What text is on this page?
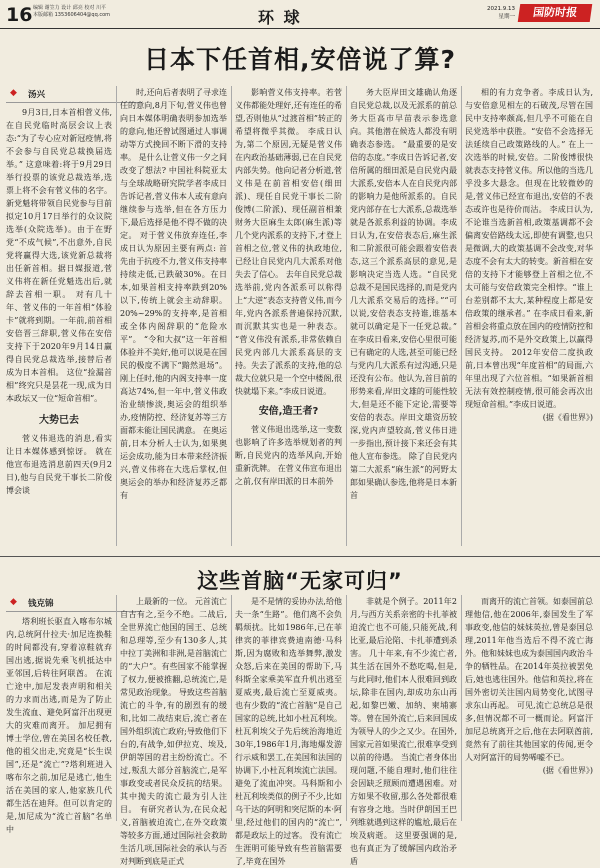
16 编辑 谢笠力 设计 邱亮 校对 川平
本版邮箱 1353606404@qq.com	环 球	2021.9.13
星期一	国防时报
日本下任首相,安倍说了算?
◆ 汤兴

9月3日,日本首相菅义伟,在自民党临时高层会议上表态:“为了专心应对新冠疫情,将不会参与自民党总裁换届选举。” 这意味着:将于9月29日举行投票的该党总裁选举,选票上将不会有菅义伟的名字。新党魁将带领自民党参与目前拟定10月17日举行的众议院选举(众院选举)。由于在野党“不成气候”,不出意外,自民党将赢得大选,该党新总裁将出任新首相。据日媒报道,菅义伟将在新任党魁选出后,就辞去首相一职。 对有几十年、菅义伟的一年首相“体验卡”就将到期。一年前,前首相安倍晋三辞职,菅义伟在安倍支持下于2020年9月14日赢得自民党总裁选举,接替后者成为日本首相。 这位“捡漏首相”终究只是昙花一现,成为日本政坛又一位“短命首相”。

大势已去

菅义伟退选的消息,看实让日本媒体感到惊讶。 就在他宣布退选消息前四天(9月2日),他与自民党干事长二阶俊博会谈

时,还向后者表明了寻求连任的意向,8月下旬,菅义伟也曾向日本媒体明确表明参加选举的意向,他还曾试图通过人事调动等方式挽回不断下滑的支持率。 是什么让菅义伟一夕之间改变了想法? 中国社科院亚太与全球战略研究院学者李成日告诉记者,菅义伟本人或有意向继续参与选举,但在各方压力下,最后选择是他不得不做的决定。 对于菅义伟放弃连任,李成日认为原因主要有两点: 首先由于抗疫不力,菅义伟支持率持续走低,已跌破30%。在日本,如果首相支持率跌到20%以下,传统上就会主动辞职。20%~29%的支持率,是首相或全体内阁辞职的“危险水平”。 “令和大叔”这一年首相体验并不美好,他可以说是在国民的极度不满下“黯然退场”。刚上任时,他的内阁支持率一度高达74%,但一年中,菅义伟政治业绩惨淡,奥运会的组织举办,疫情防控、经济复苏等三方面都未能让国民满意。 在奥运前,日本分析人士认为,如果奥运会成功,能为日本带来经济振兴,菅义伟将在大选后掌权,但奥运会的举办和经济复苏乏都有

影响菅义伟支持率。若菅义伟都能处理好,还有连任的希望,否则他从“过渡首相”转正的希望将微乎其微。 李成日认为,第二个原因,无疑是菅义伟在内政治基础薄弱,已在自民党内部失势。他向记者分析道,菅义伟是在前首相安倍(细田派)、现任自民党干事长二阶俊博(二阶派)、现任副首相兼财务大臣麻生太郎(麻生派)等几个党内派系的支持下,才登上首相之位,菅义伟的执政地位,已经让自民党内几大派系对他失去了信心。 去年自民党总裁选举前,党内各派系可以称得上“大逆”表态支持菅义伟,而今年,党内各派系普遍保持沉默,而沉默其实也是一种表态。 “菅义伟没有派系,非常依赖自民党内部几大派系高层的支持。失去了派系的支持,他的总裁大位就只是一个空中楼阁,很快就塌下来。”李成日说道。

安倍,造王者?

菅义伟退出选举,这一变数也影响了许多选举规划者的判断,自民党内的选举风向,开始重新洗牌。 在菅义伟宣布退出之前,仅有岸田派的日本前外

务大臣岸田文雄确认角逐自民党总裁,以及无派系的前总务大臣高市早苗表示参选意向。其他潜在候选人都没有明确表态参选。 “最重要的是安倍的态度。”李成日告诉记者,安倍所属的细田派是自民党内最大派系,安倍本人在自民党内部的影响力是他所派系的。自民党内部存在七大派系,总裁选举就是各派系利益的协调。李成日认为,在安倍表态后,麻生派和二阶派很可能会跟着安倍表态,这三个派系高层的意见,是影响决定当选人选。“自民党总裁不是国民选择的,而是党内几大派系交易后的选择。”“可以说,安倍表态支持谁,谁基本就可以确定是下一任党总裁。” 在李成日看来,安倍心里很可能已有确定的人选,甚至可能已经与党内几大派系有过沟通,只是还没有公布。他认为,首目前的形势来看,岸田文雄的可能性较大,但是还不能下定论,需要等安倍的表态。岸田文雄资历较深,党内声望较高,菅义伟日进一步指出,预计接下来还会有其他人宣布参选。 除了自民党内第二大派系“麻生派”的河野太郎如果确认参选,他将是日本新首

相的有力竞争者。李成日认为,与安倍意见相左的石破茂,尽管在国民中支持率颇高,但几乎不可能在自民党选举中获胜。“安倍不会选择无法延续自己政策路线的人。” 在上一次选举的时候,安倍。二阶俊博很快就表态支持菅义伟。所以他的当选几乎没多大悬念。但现在比较微妙的是,菅义伟已经宣布退出,安倍的不表态或许也是待价而沽。 李成日认为,不论谁当选新首相,政策基调都不会偏离安倍路线太远,即使有调整,也只是微调,大的政策基调不会改变,对华态度不会有太大的转变。新首相在安倍的支持下才能够登上首相之位,不太可能与安倍政策完全相悖。“谁上台差别都不太大,某种程度上都是安倍政策的继承者。” 在李成日看来,新首相会将重点放在国内的疫情防控和经济复苏,而不是外交政策上,以赢得国民支持。 2012年安倍二度执政前,日本曾出现“年度首相”的局面,六年里出现了六位首相。“如果新首相无法有效控制疫情,很可能会再次出现短命首相。”李成日说道。

(据《看世界》)

这些首脑“无家可归”
◆ 钱克锦

塔利班长驱直入喀布尔城内,总统阿什拉夫·加尼连换鞋的时间都没有,穿着凉鞋就弃国出逃,据说先乘飞机抵达中亚邻国,后转往阿联酋。 在流亡途中,加尼发表声明和相关的力求而出逃,而是为了防止发生流血、避免阿富汗出现更大的灾难而离开。 加尼拥有博士学位,曾在美国名校任教,他的祖父出走,究竟是“长生误国”,还是“流亡”?塔利班进入喀布尔之前,加尼是逃亡,他生活在美国的家人,他家族几代都生活在迪拜。但可以肯定的是,加尼成为“流亡首脑”名单中

上最新的一位。 元首流亡自古有之,至今不绝。二战后,全世界流亡他国的国王、总统和总理等,至少有130多人,其中拉丁美洲和非洲,是首脑流亡的“大户”。有些国家不能掌握了权力,便被推翻,总统流亡,是常见政治现象。 导致这些首脑流亡的斗争,有的剧烈有的缓和,比如二战结束后,流亡者在国外组织流亡政府;导致他们下台的,有战争,如伊拉克、埃及,伊朗等国的君主纷纷流亡。不过,叛乱大部分首脑流亡,是军事政变或者民众反抗的结果。其中抛夫的流亡最为引人注目。 有研究者认为,在民众起义,首脑被迫流亡,在外交政策等较多方面,通过国际社会救助生活几项,国际社会的承认与否对判断到底是正式

是不是情的妥协办法,给他夫一条“生路”。他们离不会负羁烦扰。比如1986年,已在菲律宾的菲律宾费迪南德·马科斯,因为腐败和选举舞弊,激发众怒,后来在美国的帮助下,马科斯全家乘美军直升机出逃至夏威夷,最后流亡至夏威夷。 也有少数的“流亡首脑”是自己国家的总统,比如小杜瓦利埃。杜瓦利埃父子先后统治海地近30年,1986年1月,海地爆发游行示威和罢工,在美国和法国的协调下,小杜瓦利埃流亡法国。避免了流血冲突。马科斯和小杜瓦利埃类似的例子不少,比如乌干达的阿明和突尼斯的本·阿里,经过他们的国内的“流亡”,都是政坛上的过客。 没有流亡生涯明可能导致有些首脑需要了,毕竟在国外

非就是个例子。2011年2月,与西方关系亲密的卡扎菲被迫流亡也不可能,只能死战,利比亚,最后沦陷、卡扎菲遭到杀害。 几十年来,有不少流亡者,其生活在国外不愁吃喝,但是,与此同时,他们本人很难回到政坛,除非在国内,却成功东山再起,如黎巴嫩、加纳、柬埔寨等。曾在国外流亡,后来回国成为领导人的少之又少。在国外,国家元首如果流亡,很难享受到以前的待遇。 当流亡者身体出现问题,不能自理时,他们往往会因缺乏照顾而遭遇困难。对方如果不收留,那么各处都很难有容身之地。当时伊朗国王巴列维就遇到这样的尴尬,最后在埃及病逝。 这里要强调的是,也有真正为了缓解国内政治矛盾

而离开的流亡首领。如泰国前总理他信,他在2006年,泰国发生了军事政变,他信的妹妹英拉,曾是泰国总理,2011年他当选后不得不流亡海外。他和妹妹也成为泰国国内政治斗争的牺牲品。在2014年英拉被罢免后,她也逃往国外。他信和英拉,将在国外密切关注国内局势变化,试图寻求东山再起。 可见,流亡总统总是很多,但情况都不可一概而论。阿富汗加尼总统离开之后,他在去阿联酋前,竟然有了前往其他国家的传闻,更令人对阿富汗的局势唏嘘不已。

(据《看世界》)
